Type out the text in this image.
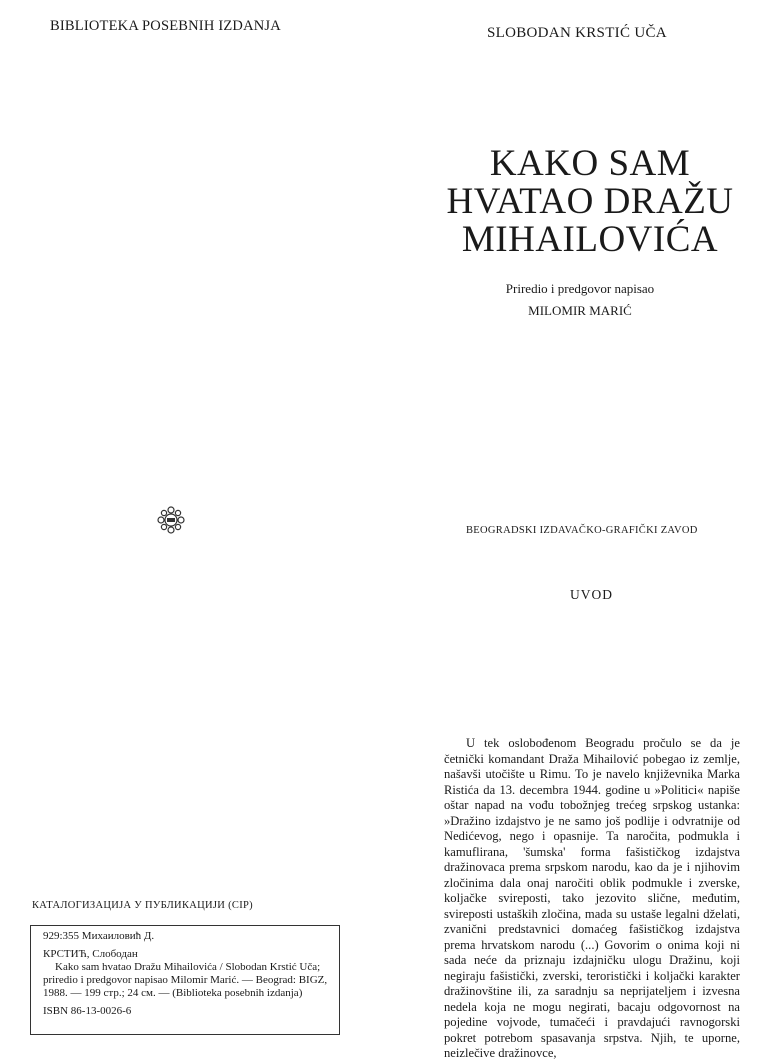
BIBLIOTEKA POSEBNIH IZDANJA	SLOBODAN KRSTIĆ UČA
KAKO SAM
HVATAO DRAŽU
MIHAILOVIĆA
Priredio i predgovor napisao
MILOMIR MARIĆ
BEOGRADSKI IZDAVAČKO-GRAFIČKI ZAVOD
UVOD

U tek oslobođenom Beogradu pročulo se da je četnički komandant Draža Mihailović pobegao iz zemlje, našavši utočište u Rimu. To je navelo književnika Marka Ristića da 13. decembra 1944. godine u »Politici« napiše oštar napad na vođu tobožnjeg trećeg srpskog ustanka: »Dražino izdajstvo je ne samo još podlije i odvratnije od Nedićevog, nego i opasnije. Ta naročita, podmukla i kamuflirana, 'šumska' forma fašističkog izdajstva dražinovaca prema srpskom narodu, kao da je i njihovim zločinima dala onaj naročiti oblik podmukle i zverske, koljačke svireposti, tako jezovito slične, međutim, svireposti ustaških zločina, mada su ustaše legalni dželati, zvanični predstavnici domaćeg fašističkog izdajstva prema hrvatskom narodu (...) Govorim o onima koji ni sada neće da priznaju izdajničku ulogu Dražinu, koji negiraju fašistički, zverski, teroristički i koljački karakter dražinovštine ili, za saradnju sa neprijateljem i izvesna nedela koja ne mogu negirati, bacaju odgovornost na pojedine vojvode, tumačeći i pravdajući ravnogorski pokret potrebom spasavanja srpstva. Njih, te uporne, neizlečive dražinovce,

КАТАЛОГИЗАЦИЈА У ПУБЛИКАЦИЈИ (CIP)

929:355 Михаиловић Д.

КРСТИЋ, Слободан

Kako sam hvatao Dražu Mihailovića / Slobodan Krstić Uča; priredio i predgovor napisao Milomir Marić. — Beograd: BIGZ, 1988. — 199 стр.; 24 см. — (Biblioteka posebnih izdanja)

ISBN 86-13-0026-6
